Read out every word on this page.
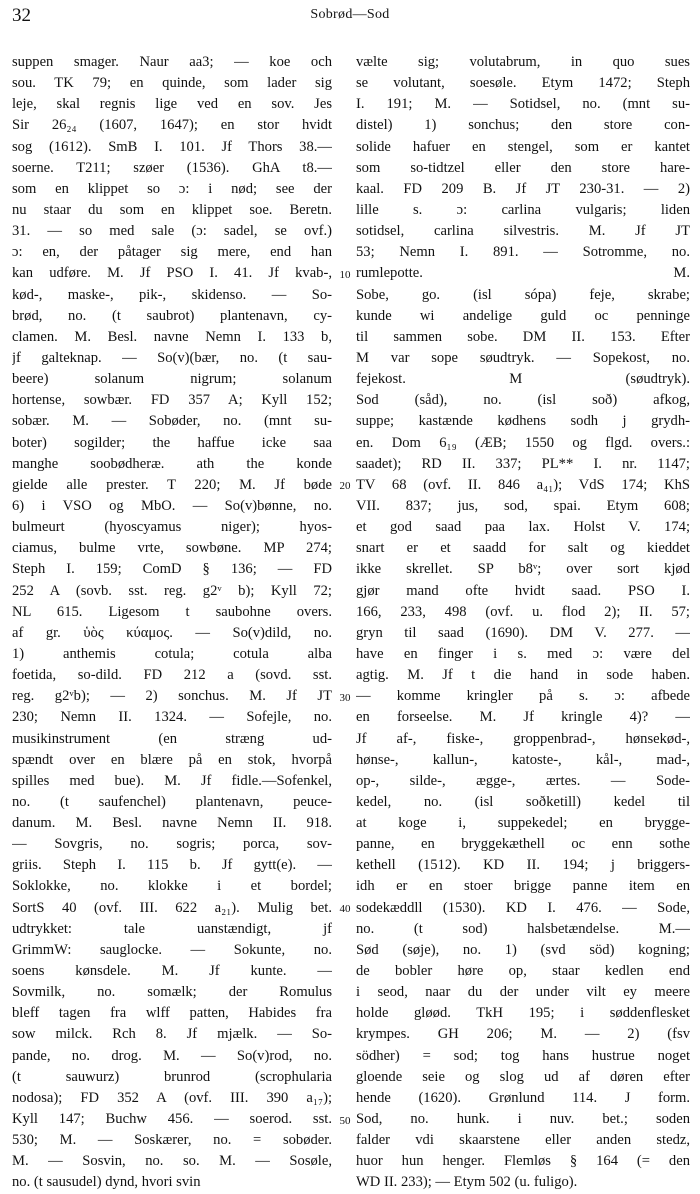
32	Sobrød—Sod
suppen smager. Naur aa3; — koe och
sou. TK 79; en quinde, som lader sig
leje, skal regnis lige ved en sov. Jes
Sir 26₂₄ (1607, 1647); en stor hvidt
sog (1612). SmB I. 101. Jf Thors 38.—
soerne. T211; szøer (1536). GhA t8.—
som en klippet so ɔ: i nød; see der
nu staar du som en klippet soe. Beretn.
31. — so med sale (ɔ: sadel, se ovf.)
ɔ: en, der påtager sig mere, end han
kan udføre. M. Jf PSO I. 41. Jf kvab-,
kød-, maske-, pik-, skidenso. — So-
brød, no. (t saubrot) plantenavn, cy-
clamen. M. Besl. navne Nemn I. 133 b,
jf galteknap. — So(v)(bær, no. (t sau-
beere) solanum nigrum; solanum
hortense, sowbær. FD 357 A; Kyll 152;
sobær. M. — Sobøder, no. (mnt su-
boter) sogilder; the haffue icke saa
manghe soobødheræ. ath the konde
gielde alle prester. T 220; M. Jf bøde
6) i VSO og MbO. — So(v)bønne, no.
bulmeurt (hyoscyamus niger); hyos-
ciamus, bulme vrte, sowbøne. MP 274;
Steph I. 159; ComD § 136; — FD
252 A (sovb. sst. reg. g2ᵛ b); Kyll 72;
NL 615. Ligesom t saubohne overs.
af gr. ὑὸς κύαμος. — So(v)dild, no.
1) anthemis cotula; cotula alba
foetida, so-dild. FD 212 a (sovd. sst.
reg. g2ᵛb); — 2) sonchus. M. Jf JT
230; Nemn II. 1324. — Sofejle, no.
musikinstrument (en stræng ud-
spændt over en blære på en stok, hvorpå
spilles med bue). M. Jf fidle.—Sofenkel,
no. (t saufenchel) plantenavn, peuce-
danum. M. Besl. navne Nemn II. 918.
— Sovgris, no. sogris; porca, sov-
griis. Steph I. 115 b. Jf gytt(e). —
Soklokke, no. klokke i et bordel;
SortS 40 (ovf. III. 622 a₂₁). Mulig bet.
udtrykket: tale uanstændigt, jf
GrimmW: sauglocke. — Sokunte, no.
soens kønsdele. M. Jf kunte. —
Sovmilk, no. somælk; der Romulus
bleff tagen fra wlff patten, Habides fra
sow milck. Rch 8. Jf mjælk. — So-
pande, no. drog. M. — So(v)rod, no.
(t sauwurz) brunrod (scrophularia
nodosa); FD 352 A (ovf. III. 390 a₁₇);
Kyll 147; Buchw 456. — soerod. sst.
530; M. — Soskærer, no. = sobøder.
M. — Sosvin, no. so. M. — Sosøle,
no. (t sausudel) dynd, hvori svin
vælte sig; volutabrum, in quo sues
se volutant, soesøle. Etym 1472; Steph
I. 191; M. — Sotidsel, no. (mnt su-
distel) 1) sonchus; den store con-
solide hafuer en stengel, som er kantet
som so-tidtzel eller den store hare-
kaal. FD 209 B. Jf JT 230-31. — 2)
lille s. ɔ: carlina vulgaris; liden
sotidsel, carlina silvestris. M. Jf JT
53; Nemn I. 891. — Sotromme, no.
rumlepotte. M.
Sobe, go. (isl sópa) feje, skrabe;
kunde wi andelige guld oc penninge
til sammen sobe. DM II. 153. Efter
M var sope søudtryk. — Sopekost, no.
fejekost. M (søudtryk).
Sod (såd), no. (isl soð) afkog,
suppe; kastænde kødhens sodh j grydh-
en. Dom 6₁₉ (ÆB; 1550 og flgd. overs.:
saadet); RD II. 337; PL** I. nr. 1147;
TV 68 (ovf. II. 846 a₄₁); VdS 174; KhS
VII. 837; jus, sod, spai. Etym 608;
et god saad paa lax. Holst V. 174;
snart er et saadd for salt og kieddet
ikke skrellet. SP b8ᵛ; over sort kjød
gjør mand ofte hvidt saad. PSO I.
166, 233, 498 (ovf. u. flod 2); II. 57;
gryn til saad (1690). DM V. 277. —
have en finger i s. med ɔ: være del
agtig. M. Jf t die hand in sode haben.
— komme kringler på s. ɔ: afbede
en forseelse. M. Jf kringle 4)? —
Jf af-, fiske-, groppenbrad-, hønsekød-,
hønse-, kallun-, katoste-, kål-, mad-,
op-, silde-, ægge-, ærtes. — Sode-
kedel, no. (isl soðketill) kedel til
at koge i, suppekedel; en brygge-
panne, en bryggekæthell oc enn sothe
kethell (1512). KD II. 194; j briggers-
idh er en stoer brigge panne item en
sodekæddll (1530). KD I. 476. — Sode,
no. (t sod) halsbetændelse. M.—
Sød (søje), no. 1) (svd söd) kogning;
de bobler høre op, staar kedlen end
i seod, naar du der under vilt ey meere
holde gløød. TkH 195; i søddenflesket
krympes. GH 206; M. — 2) (fsv
södher) = sod; tog hans hustrue noget
gloende seie og slog ud af døren efter
hende (1620). Grønlund 114. J form.
Sod, no. hunk. i nuv. bet.; soden
falder vdi skaarstene eller anden stedz,
huor hun henger. Flemløs § 164 (= den
WD II. 233); — Etym 502 (u. fuligo).
10
20
30
40
50
